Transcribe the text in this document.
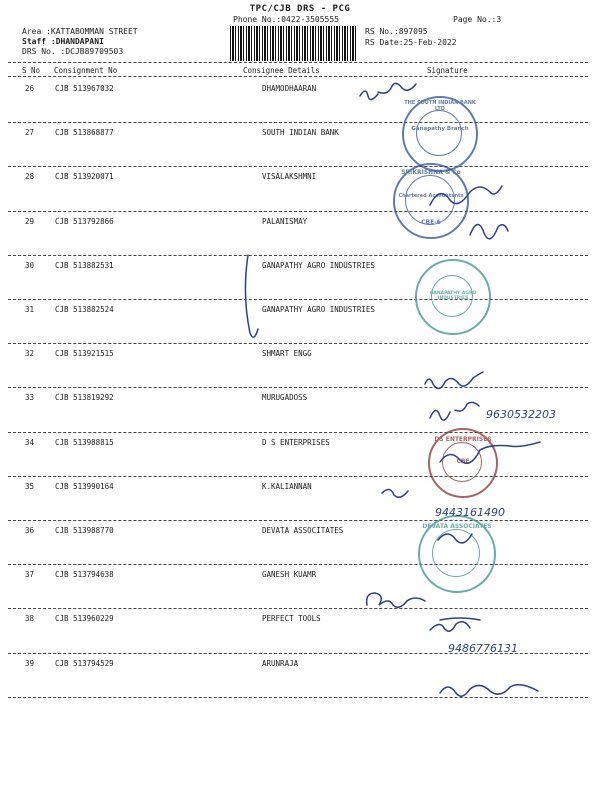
TPC/CJB DRS - PCG
Phone No.:0422-3505555
Area :KATTABOMMAN STREET
Staff :DHANDAPANI
DRS No. :DCJB89709503
RS No.:897095
RS Date:25-Feb-2022
Page No.:3
S No Consignment No	Consignee Details	Signature
26	CJB 513967032	DHAMODHAARAN
27	CJB 513868877	SOUTH INDIAN BANK
28	CJB 513920071	VISALAKSHMNI
29	CJB 513792866	PALANISMAY
30	CJB 513882531	GANAPATHY AGRO INDUSTRIES
31	CJB 513882524	GANAPATHY AGRO INDUSTRIES
32	CJB 513921515	SHMART ENGG
33	CJB 513819292	MURUGADOSS
34	CJB 513988815	D S ENTERPRISES
35	CJB 513990164	K.KALIANNAN
36	CJB 513988770	DEVATA ASSOCITATES
37	CJB 513794638	GANESH KUAMR
38	CJB 513960229	PERFECT TOOLS
39	CJB 513794529	ARUNRAJA
THE SOUTH INDIAN BANK LTD
Ganapathy Branch
SRIKRISHNA & Co
Chartered Accountants
CBE-6
GANAPATHY AGRO INDUSTRIES
DS ENTERPRISES
CBE
DEVATA ASSOCIATES
9630532203
9443161490
9486776131
